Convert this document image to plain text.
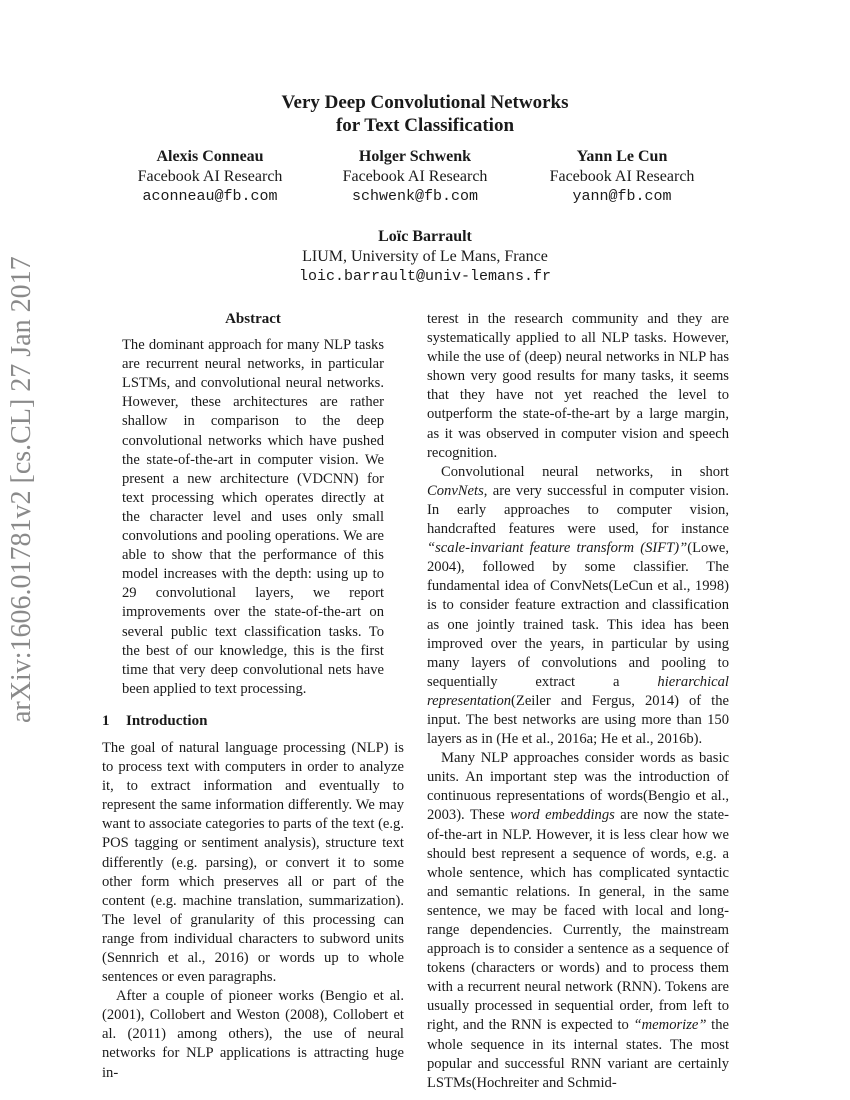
Very Deep Convolutional Networks
for Text Classification
Alexis Conneau
Facebook AI Research
aconneau@fb.com
Holger Schwenk
Facebook AI Research
schwenk@fb.com
Yann Le Cun
Facebook AI Research
yann@fb.com
Loïc Barrault
LIUM, University of Le Mans, France
loic.barrault@univ-lemans.fr
arXiv:1606.01781v2 [cs.CL] 27 Jan 2017	Abstract

The dominant approach for many NLP tasks are recurrent neural networks, in particular LSTMs, and convolutional neural networks. However, these architectures are rather shallow in comparison to the deep convolutional networks which have pushed the state-of-the-art in computer vision. We present a new architecture (VDCNN) for text processing which operates directly at the character level and uses only small convolutions and pooling operations. We are able to show that the performance of this model increases with the depth: using up to 29 convolutional layers, we report improvements over the state-of-the-art on several public text classification tasks. To the best of our knowledge, this is the first time that very deep convolutional nets have been applied to text processing.

1 Introduction

The goal of natural language processing (NLP) is to process text with computers in order to analyze it, to extract information and eventually to represent the same information differently. We may want to associate categories to parts of the text (e.g. POS tagging or sentiment analysis), structure text differently (e.g. parsing), or convert it to some other form which preserves all or part of the content (e.g. machine translation, summarization). The level of granularity of this processing can range from individual characters to subword units (Sennrich et al., 2016) or words up to whole sentences or even paragraphs.

After a couple of pioneer works (Bengio et al. (2001), Collobert and Weston (2008), Collobert et al. (2011) among others), the use of neural networks for NLP applications is attracting huge in-

terest in the research community and they are systematically applied to all NLP tasks. However, while the use of (deep) neural networks in NLP has shown very good results for many tasks, it seems that they have not yet reached the level to outperform the state-of-the-art by a large margin, as it was observed in computer vision and speech recognition.

Convolutional neural networks, in short ConvNets, are very successful in computer vision. In early approaches to computer vision, handcrafted features were used, for instance “scale-invariant feature transform (SIFT)”(Lowe, 2004), followed by some classifier. The fundamental idea of ConvNets(LeCun et al., 1998) is to consider feature extraction and classification as one jointly trained task. This idea has been improved over the years, in particular by using many layers of convolutions and pooling to sequentially extract a hierarchical representation(Zeiler and Fergus, 2014) of the input. The best networks are using more than 150 layers as in (He et al., 2016a; He et al., 2016b).

Many NLP approaches consider words as basic units. An important step was the introduction of continuous representations of words(Bengio et al., 2003). These word embeddings are now the state-of-the-art in NLP. However, it is less clear how we should best represent a sequence of words, e.g. a whole sentence, which has complicated syntactic and semantic relations. In general, in the same sentence, we may be faced with local and long-range dependencies. Currently, the mainstream approach is to consider a sentence as a sequence of tokens (characters or words) and to process them with a recurrent neural network (RNN). Tokens are usually processed in sequential order, from left to right, and the RNN is expected to “memorize” the whole sequence in its internal states. The most popular and successful RNN variant are certainly LSTMs(Hochreiter and Schmid-
